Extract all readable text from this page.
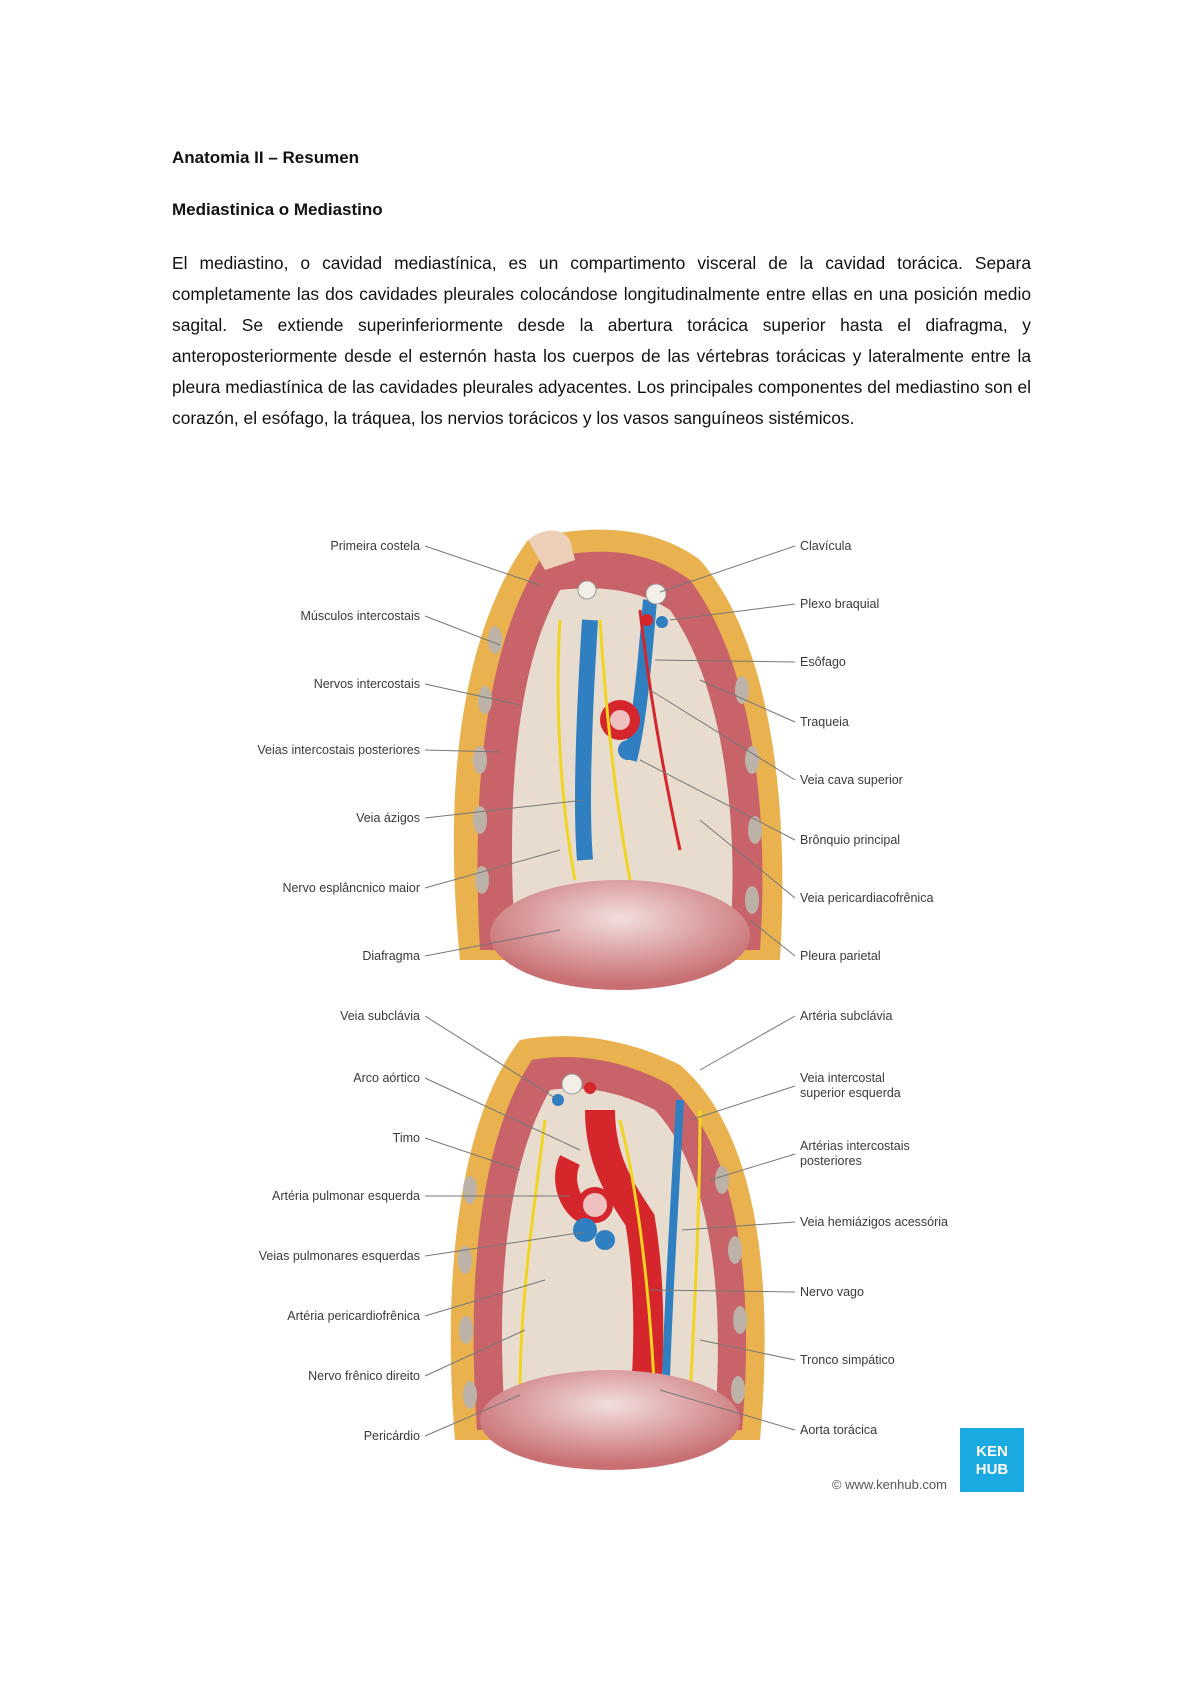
Anatomia II – Resumen
Mediastinica o Mediastino

El mediastino, o cavidad mediastínica, es un compartimento visceral de la cavidad torácica. Separa completamente las dos cavidades pleurales colocándose longitudinalmente entre ellas en una posición medio sagital. Se extiende superinferiormente desde la abertura torácica superior hasta el diafragma, y anteroposteriormente desde el esternón hasta los cuerpos de las vértebras torácicas y lateralmente entre la pleura mediastínica de las cavidades pleurales adyacentes. Los principales componentes del mediastino son el corazón, el esófago, la tráquea, los nervios torácicos y los vasos sanguíneos sistémicos.

Primeira costela
Músculos intercostais
Nervos intercostais
Veias intercostais posteriores
Veia ázigos
Nervo esplâncnico maior
Diafragma
Clavícula
Plexo braquial
Esôfago
Traqueia
Veia cava superior
Brônquio principal
Veia pericardiacofrênica
Pleura parietal
Veia subclávia
Arco aórtico
Timo
Artéria pulmonar esquerda
Veias pulmonares esquerdas
Artéria pericardiofrênica
Nervo frênico direito
Pericárdio
Artéria subclávia
Veia intercostal
superior esquerda
Artérias intercostais
posteriores
Veia hemiázigos acessória
Nervo vago
Tronco simpático
Aorta torácica
KEN
HUB
© www.kenhub.com
